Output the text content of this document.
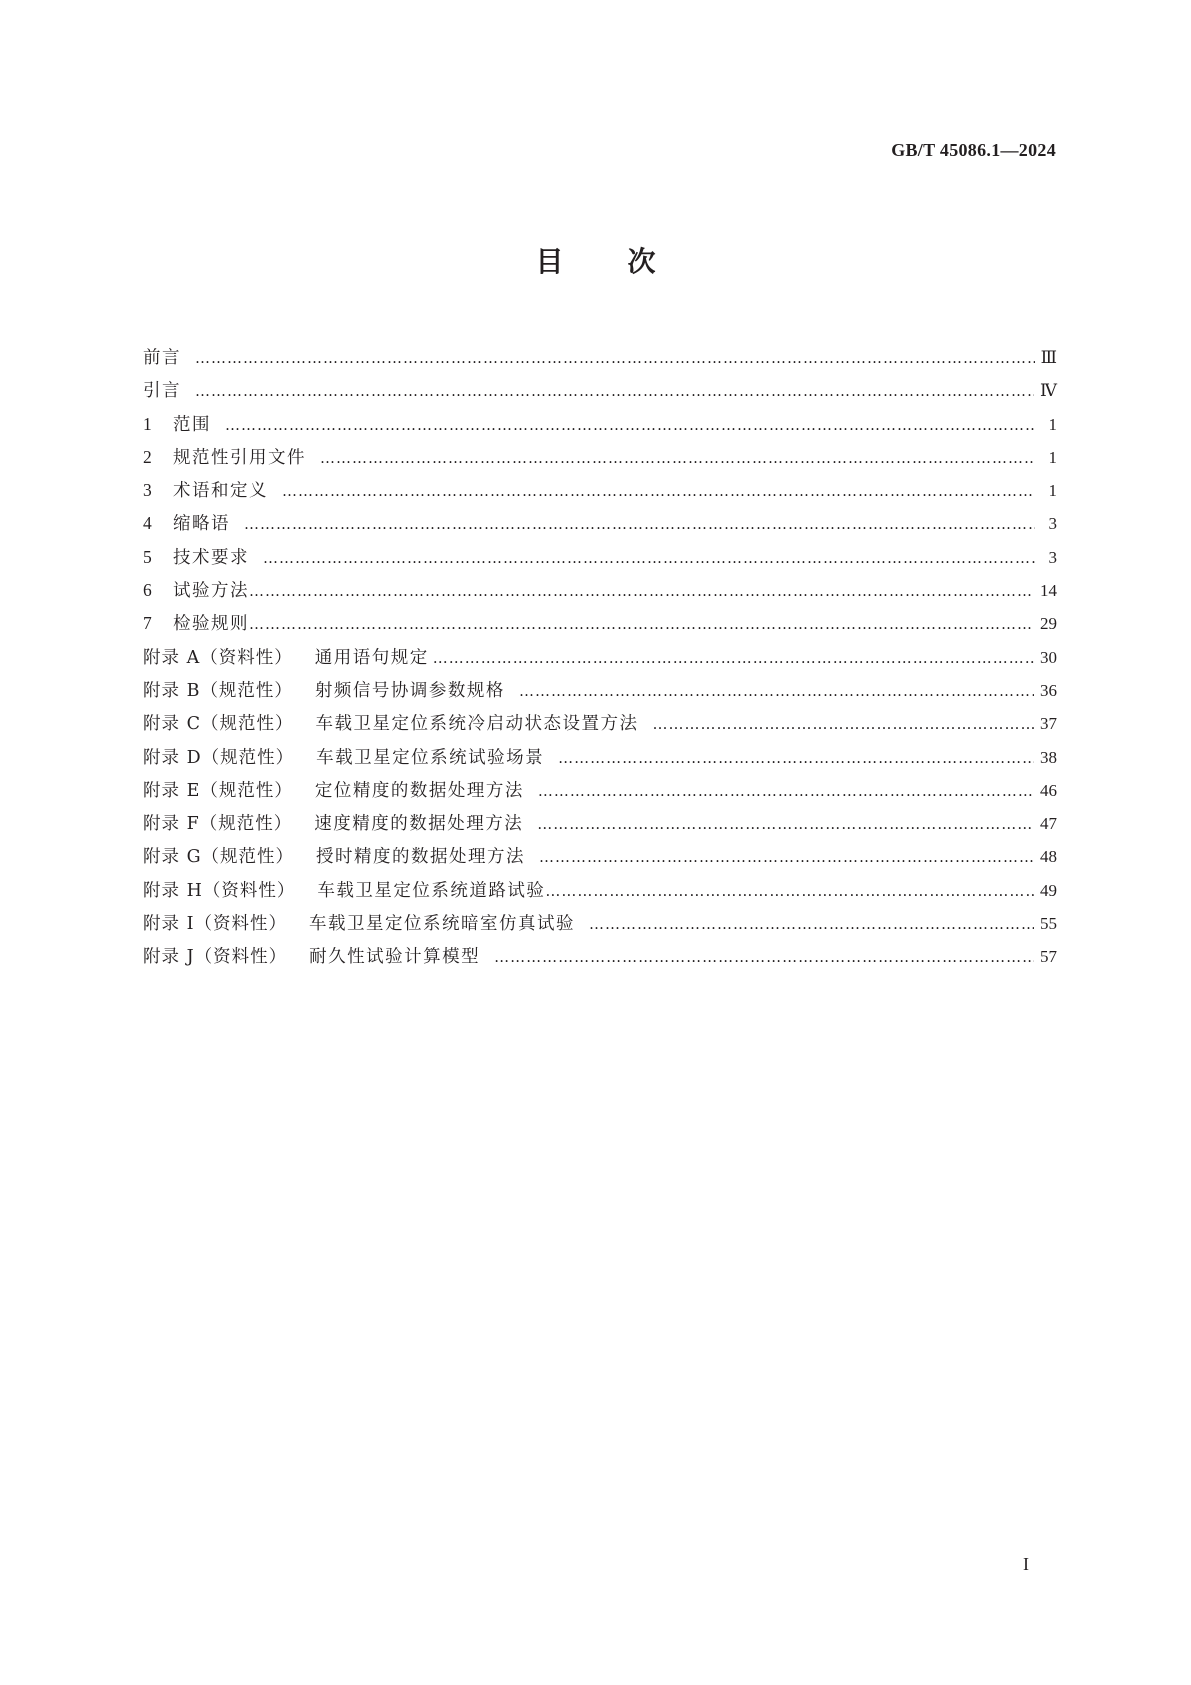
GB/T 45086.1—2024
目 次
前言 ……………………………………………………………………………………………………………………………………………………………………………………………………………………………………………………………	Ⅲ
引言 ……………………………………………………………………………………………………………………………………………………………………………………………………………………………………………………………	Ⅳ
1	范围 ……………………………………………………………………………………………………………………………………………………………………………………………………………………………………………………………	1
2	规范性引用文件 ……………………………………………………………………………………………………………………………………………………………………………………………………………………………………………………………	1
3	术语和定义 ……………………………………………………………………………………………………………………………………………………………………………………………………………………………………………………………	1
4	缩略语 ……………………………………………………………………………………………………………………………………………………………………………………………………………………………………………………………	3
5	技术要求 ……………………………………………………………………………………………………………………………………………………………………………………………………………………………………………………………	3
6	试验方法 ……………………………………………………………………………………………………………………………………………………………………………………………………………………………………………………………	14
7	检验规则 ……………………………………………………………………………………………………………………………………………………………………………………………………………………………………………………………	29
附录 A （资料性） 通用语句规定 ……………………………………………………………………………………………………………………………………………………………………………………………………………………………………………………………	30
附录 B （规范性） 射频信号协调参数规格 ……………………………………………………………………………………………………………………………………………………………………………………………………………………………………………………………	36
附录 C （规范性） 车载卫星定位系统冷启动状态设置方法 ……………………………………………………………………………………………………………………………………………………………………………………………………………………………………………………………	37
附录 D （规范性） 车载卫星定位系统试验场景 ……………………………………………………………………………………………………………………………………………………………………………………………………………………………………………………………	38
附录 E （规范性） 定位精度的数据处理方法 ……………………………………………………………………………………………………………………………………………………………………………………………………………………………………………………………	46
附录 F （规范性） 速度精度的数据处理方法 ……………………………………………………………………………………………………………………………………………………………………………………………………………………………………………………………	47
附录 G （规范性） 授时精度的数据处理方法 ……………………………………………………………………………………………………………………………………………………………………………………………………………………………………………………………	48
附录 H （资料性） 车载卫星定位系统道路试验 ……………………………………………………………………………………………………………………………………………………………………………………………………………………………………………………………	49
附录 I （资料性） 车载卫星定位系统暗室仿真试验 ……………………………………………………………………………………………………………………………………………………………………………………………………………………………………………………………	55
附录 J （资料性） 耐久性试验计算模型 ……………………………………………………………………………………………………………………………………………………………………………………………………………………………………………………………	57
I
